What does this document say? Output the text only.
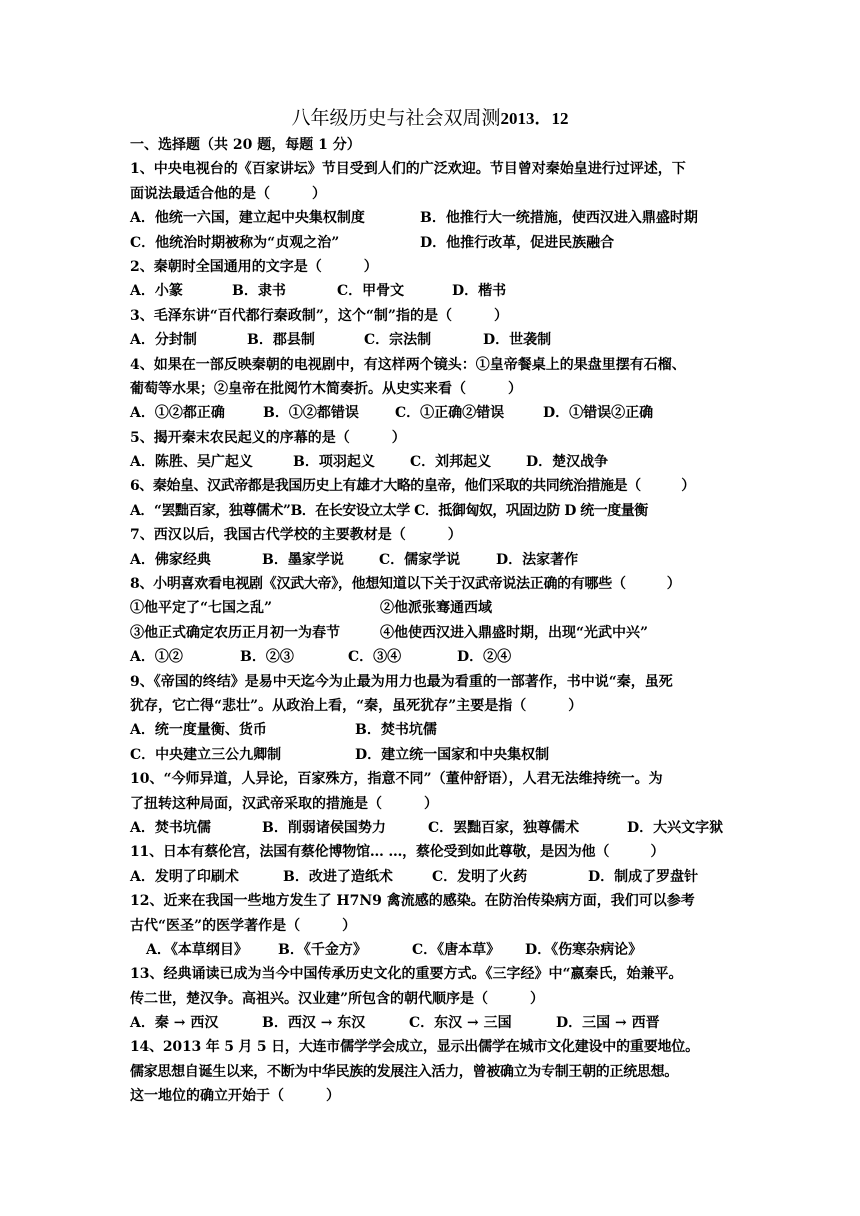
八年级历史与社会双周测2013．12
一、选择题（共 20 题，每题 1 分）
1、中央电视台的《百家讲坛》节目受到人们的广泛欢迎。节目曾对秦始皇进行过评述，下
面说法最适合他的是（　　　）
A．他统一六国，建立起中央集权制度	B．他推行大一统措施，使西汉进入鼎盛时期
C．他统治时期被称为“贞观之治”	D．他推行改革，促进民族融合
2、秦朝时全国通用的文字是（　　　）
A．小篆	B．隶书	C．甲骨文	D．楷书
3、毛泽东讲“百代都行秦政制”，这个“制”指的是（　　　）
A．分封制	B．郡县制	C．宗法制	D．世袭制
4、如果在一部反映秦朝的电视剧中，有这样两个镜头：①皇帝餐桌上的果盘里摆有石榴、
葡萄等水果；②皇帝在批阅竹木简奏折。从史实来看（　　　）
A．①②都正确	B．①②都错误	C．①正确②错误	D．①错误②正确
5、揭开秦末农民起义的序幕的是（　　　）
A．陈胜、吴广起义	B．项羽起义	C．刘邦起义 D．楚汉战争
6、秦始皇、汉武帝都是我国历史上有雄才大略的皇帝，他们采取的共同统治措施是（　　　）
A．“罢黜百家，独尊儒术”B．在长安设立太学 C．抵御匈奴，巩固边防 D 统一度量衡
7、西汉以后，我国古代学校的主要教材是（　　　）
A．佛家经典	B．墨家学说	C．儒家学说	D．法家著作
8、小明喜欢看电视剧《汉武大帝》，他想知道以下关于汉武帝说法正确的有哪些（　　　）
①他平定了“七国之乱”	②他派张骞通西域
③他正式确定农历正月初一为春节	④他使西汉进入鼎盛时期，出现“光武中兴”
A．①②	B．②③	C．③④	D．②④
9、《帝国的终结》是易中天迄今为止最为用力也最为看重的一部著作，书中说“秦，虽死
犹存，它亡得“悲壮”。从政治上看，“秦，虽死犹存”主要是指（　　　）
A．统一度量衡、货币	B．焚书坑儒
C．中央建立三公九卿制	D．建立统一国家和中央集权制
10、“今师异道，人异论，百家殊方，指意不同”（董仲舒语），人君无法维持统一。为
了扭转这种局面，汉武帝采取的措施是（　　　）
A．焚书坑儒	B．削弱诸侯国势力	C．罢黜百家，独尊儒术	D．大兴文字狱
11、日本有蔡伦宫，法国有蔡伦博物馆… …，蔡伦受到如此尊敬，是因为他（　　　）
A．发明了印刷术	B．改进了造纸术	C．发明了火药	D．制成了罗盘针
12、近来在我国一些地方发生了 H7N9 禽流感的感染。在防治传染病方面，我们可以参考
古代“医圣”的医学著作是（　　　）
A．《本草纲目》 B．《千金方》	C．《唐本草》 D．《伤寒杂病论》
13、经典诵读已成为当今中国传承历史文化的重要方式。《三字经》中“嬴秦氏，始兼平。
传二世，楚汉争。高祖兴。汉业建”所包含的朝代顺序是（　　　）
A．秦 → 西汉	B．西汉 → 东汉	C．东汉 → 三国	D．三国 → 西晋
14、2013 年 5 月 5 日，大连市儒学学会成立，显示出儒学在城市文化建设中的重要地位。
儒家思想自诞生以来，不断为中华民族的发展注入活力，曾被确立为专制王朝的正统思想。
这一地位的确立开始于（　　　）
